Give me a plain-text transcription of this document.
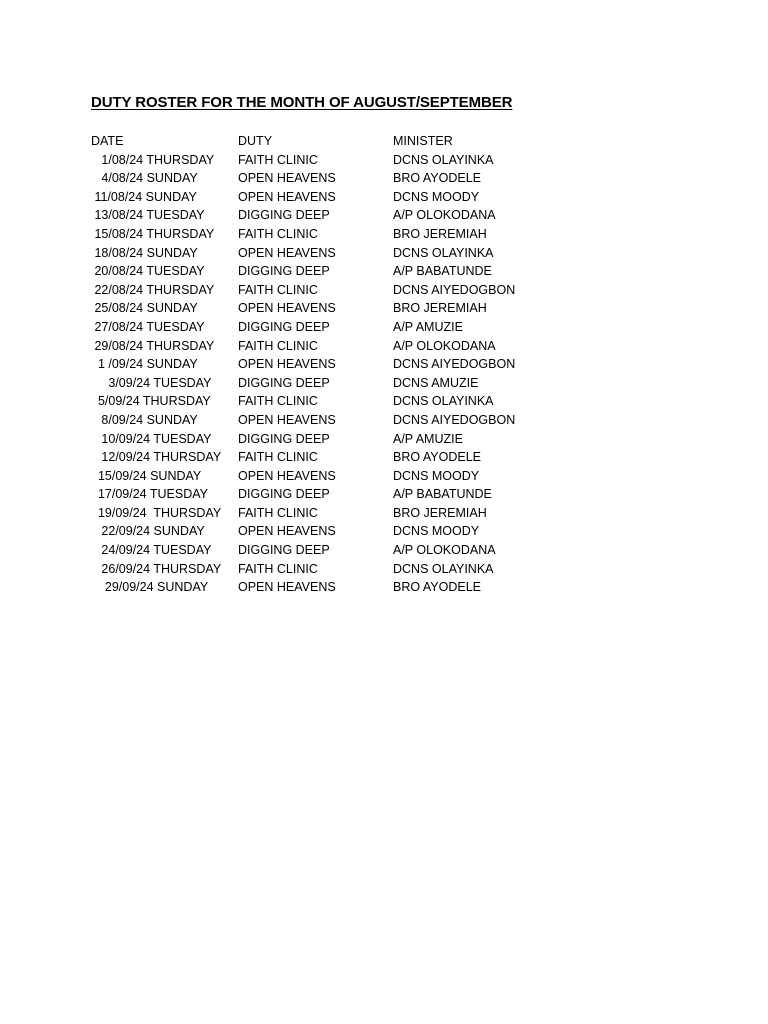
DUTY ROSTER FOR THE MONTH OF AUGUST/SEPTEMBER
DATE	DUTY	MINISTER
1/08/24 THURSDAY	FAITH CLINIC	DCNS OLAYINKA
4/08/24 SUNDAY	OPEN HEAVENS	BRO AYODELE
11/08/24 SUNDAY	OPEN HEAVENS	DCNS MOODY
13/08/24 TUESDAY	DIGGING DEEP	A/P OLOKODANA
15/08/24 THURSDAY	FAITH CLINIC	BRO JEREMIAH
18/08/24 SUNDAY	OPEN HEAVENS	DCNS OLAYINKA
20/08/24 TUESDAY	DIGGING DEEP	A/P BABATUNDE
22/08/24 THURSDAY	FAITH CLINIC	DCNS AIYEDOGBON
25/08/24 SUNDAY	OPEN HEAVENS	BRO JEREMIAH
27/08/24 TUESDAY	DIGGING DEEP	A/P AMUZIE
29/08/24 THURSDAY	FAITH CLINIC	A/P OLOKODANA
1 /09/24 SUNDAY	OPEN HEAVENS	DCNS AIYEDOGBON
3/09/24 TUESDAY	DIGGING DEEP	DCNS AMUZIE
5/09/24 THURSDAY	FAITH CLINIC	DCNS OLAYINKA
8/09/24 SUNDAY	OPEN HEAVENS	DCNS AIYEDOGBON
10/09/24 TUESDAY	DIGGING DEEP	A/P AMUZIE
12/09/24 THURSDAY	FAITH CLINIC	BRO AYODELE
15/09/24 SUNDAY	OPEN HEAVENS	DCNS MOODY
17/09/24 TUESDAY	DIGGING DEEP	A/P BABATUNDE
19/09/24  THURSDAY	FAITH CLINIC	BRO JEREMIAH
22/09/24 SUNDAY	OPEN HEAVENS	DCNS MOODY
24/09/24 TUESDAY	DIGGING DEEP	A/P OLOKODANA
26/09/24 THURSDAY	FAITH CLINIC	DCNS OLAYINKA
29/09/24 SUNDAY	OPEN HEAVENS	BRO AYODELE
